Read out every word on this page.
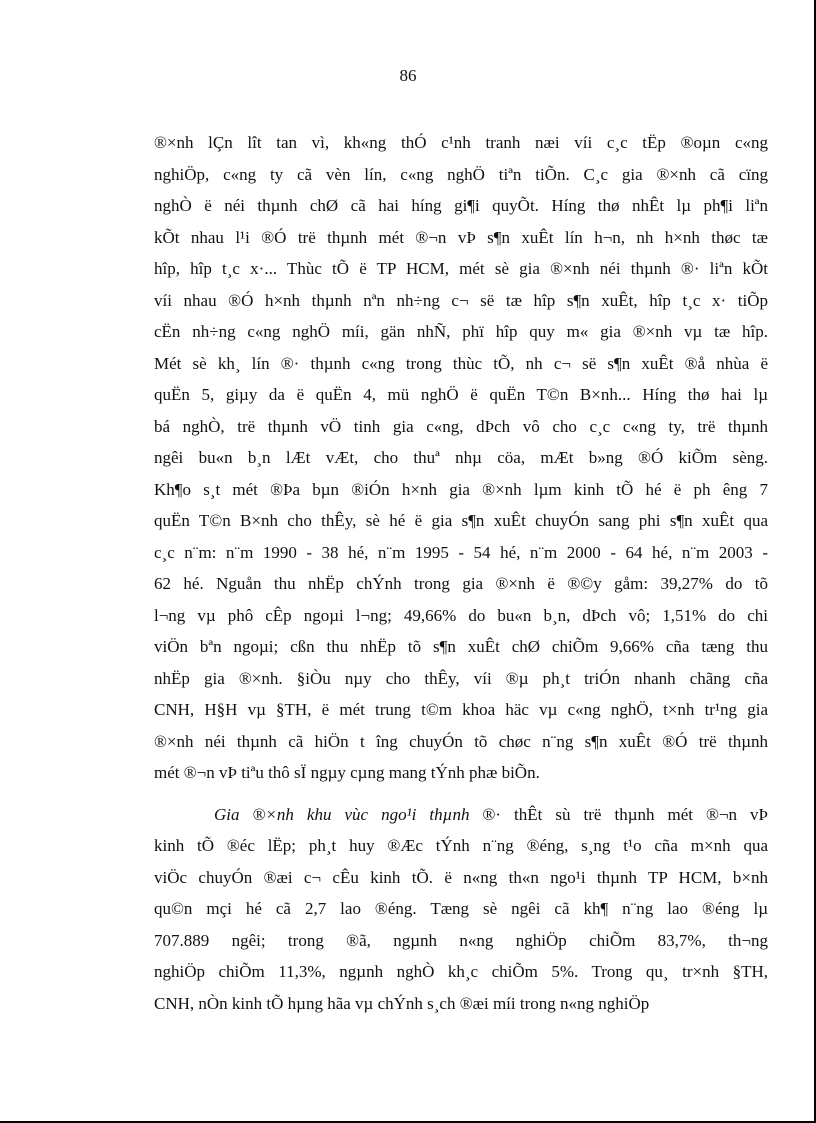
86
®×nh lÇn lît tan vì, kh«ng thÓ c¹nh tranh næi víi c¸c tËp ®oµn c«ng
nghiÖp, c«ng ty cã vèn lín, c«ng nghÖ tiªn tiÕn. C¸c gia ®×nh cã cïng
nghÒ ë néi thµnh chØ cã hai híng gi¶i quyÕt. Híng thø nhÊt lµ ph¶i liªn
kÕt nhau l¹i ®Ó trë thµnh mét ®¬n vÞ s¶n xuÊt lín h¬n, nh h×nh thøc tæ
hîp, hîp t¸c x·... Thùc tÕ ë TP HCM, mét sè gia ®×nh néi thµnh ®· liªn kÕt
víi nhau ®Ó h×nh thµnh nªn nh÷ng c¬ së tæ hîp s¶n xuÊt, hîp t¸c x· tiÕp
cËn nh÷ng c«ng nghÖ míi, gän nhÑ, phï hîp quy m« gia ®×nh vµ tæ hîp.
Mét sè kh¸ lín ®· thµnh c«ng trong thùc tÕ, nh c¬ së s¶n xuÊt ®å nhùa ë
quËn 5, giµy da ë quËn 4, mü nghÖ ë quËn T©n B×nh... Híng thø hai lµ
bá nghÒ, trë thµnh vÖ tinh gia c«ng, dÞch vô cho c¸c c«ng ty, trë thµnh
ngêi bu«n b¸n lÆt vÆt, cho thuª nhµ cöa, mÆt b»ng ®Ó kiÕm sèng.
Kh¶o s¸t mét ®Þa bµn ®iÓn h×nh gia ®×nh lµm kinh tÕ hé ë ph êng 7
quËn T©n B×nh cho thÊy, sè hé ë gia s¶n xuÊt chuyÓn sang phi s¶n xuÊt qua
c¸c n¨m: n¨m 1990 - 38 hé, n¨m 1995 - 54 hé, n¨m 2000 - 64 hé, n¨m 2003 -
62 hé. Nguån thu nhËp chÝnh trong gia ®×nh ë ®©y gåm: 39,27% do tõ
l¬ng vµ phô cÊp ngoµi l¬ng; 49,66% do bu«n b¸n, dÞch vô; 1,51% do chi
viÖn bªn ngoµi; cßn thu nhËp tõ s¶n xuÊt chØ chiÕm 9,66% cña tæng thu
nhËp gia ®×nh. §iÒu nµy cho thÊy, víi ®µ ph¸t triÓn nhanh chãng cña
CNH, H§H vµ §TH, ë mét trung t©m khoa häc vµ c«ng nghÖ, t×nh tr¹ng gia
®×nh néi thµnh cã hiÖn t îng chuyÓn tõ chøc n¨ng s¶n xuÊt ®Ó trë thµnh
mét ®¬n vÞ tiªu thô sÏ ngµy cµng mang tÝnh phæ biÕn.
Gia ®×nh khu vùc ngo¹i thµnh ®· thÊt sù trë thµnh mét ®¬n vÞ
kinh tÕ ®éc lËp; ph¸t huy ®Æc tÝnh n¨ng ®éng, s¸ng t¹o cña m×nh qua
viÖc chuyÓn ®æi c¬ cÊu kinh tÕ. ë n«ng th«n ngo¹i thµnh TP HCM, b×nh
qu©n mçi hé cã 2,7 lao ®éng. Tæng sè ngêi cã kh¶ n¨ng lao ®éng lµ
707.889 ngêi; trong ®ã, ngµnh n«ng nghiÖp chiÕm 83,7%, th¬ng
nghiÖp chiÕm 11,3%, ngµnh nghÒ kh¸c chiÕm 5%. Trong qu¸ tr×nh §TH,
CNH, nÒn kinh tÕ hµng hãa vµ chÝnh s¸ch ®æi míi trong n«ng nghiÖp
